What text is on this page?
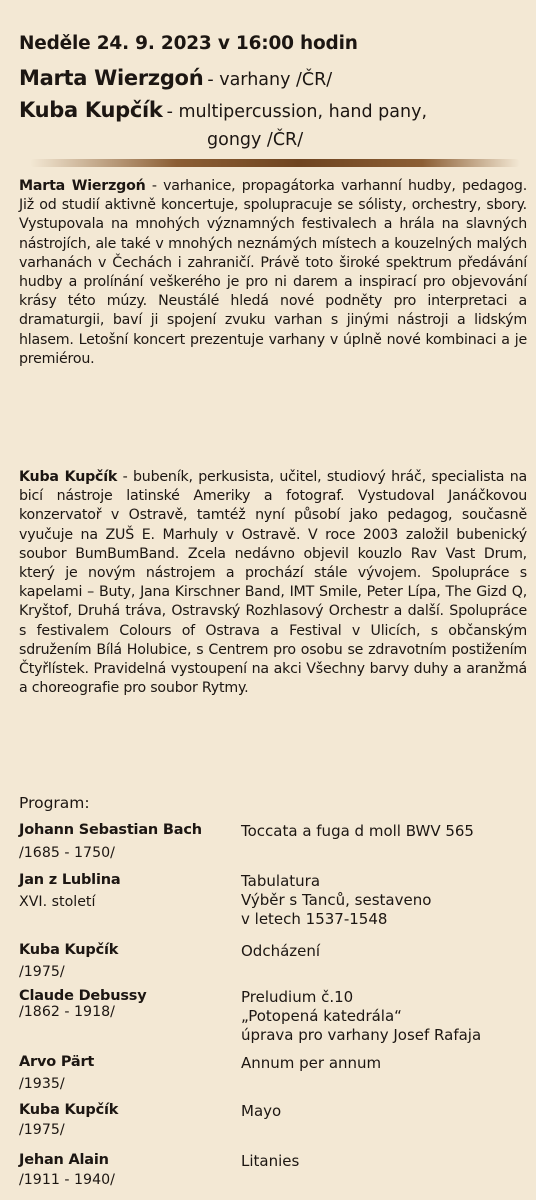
Neděle 24. 9. 2023 v 16:00 hodin
Marta Wierzgoń - varhany /ČR/
Kuba Kupčík - multipercussion, hand pany,
gongy /ČR/
Marta Wierzgoń - varhanice, propagátorka varhanní hudby, pedagog. Již od studií aktivně koncertuje, spolupracuje se sólisty, orchestry, sbory. Vystupovala na mnohých významných festivalech a hrála na slavných nástrojích, ale také v mnohých neznámých místech a kouzelných malých varhanách v Čechách i zahraničí. Právě toto široké spektrum předávání hudby a prolínání veškerého je pro ni darem a inspirací pro objevování krásy této múzy. Neustálé hledá nové podněty pro interpretaci a dramaturgii, baví ji spojení zvuku varhan s jinými nástroji a lidským hlasem. Letošní koncert prezentuje varhany v úplně nové kombinaci a je premiérou.
Kuba Kupčík - bubeník, perkusista, učitel, studiový hráč, specialista na bicí nástroje latinské Ameriky a fotograf. Vystudoval Janáčkovou konzervatoř v Ostravě, tamtéž nyní působí jako pedagog, současně vyučuje na ZUŠ E. Marhuly v Ostravě. V roce 2003 založil bubenický soubor BumBumBand. Zcela nedávno objevil kouzlo Rav Vast Drum, který je novým nástrojem a prochází stále vývojem. Spolupráce s kapelami – Buty, Jana Kirschner Band, IMT Smile, Peter Lípa, The Gizd Q, Kryštof, Druhá tráva, Ostravský Rozhlasový Orchestr a další. Spolupráce s festivalem Colours of Ostrava a Festival v Ulicích, s občanským sdružením Bílá Holubice, s Centrem pro osobu se zdravotním postižením Čtyřlístek. Pravidelná vystoupení na akci Všechny barvy duhy a aranžmá a choreografie pro soubor Rytmy.
Program:
Johann Sebastian Bach
/1685 - 1750/
Toccata a fuga d moll BWV 565
Jan z Lublina
XVI. století
Tabulatura
Výběr s Tanců, sestaveno
v letech 1537-1548
Kuba Kupčík
/1975/
Odcházení
Claude Debussy
/1862 - 1918/
Preludium č.10
„Potopená katedrála“
úprava pro varhany Josef Rafaja
Arvo Pärt
/1935/
Annum per annum
Kuba Kupčík
/1975/
Mayo
Jehan Alain
/1911 - 1940/
Litanies
